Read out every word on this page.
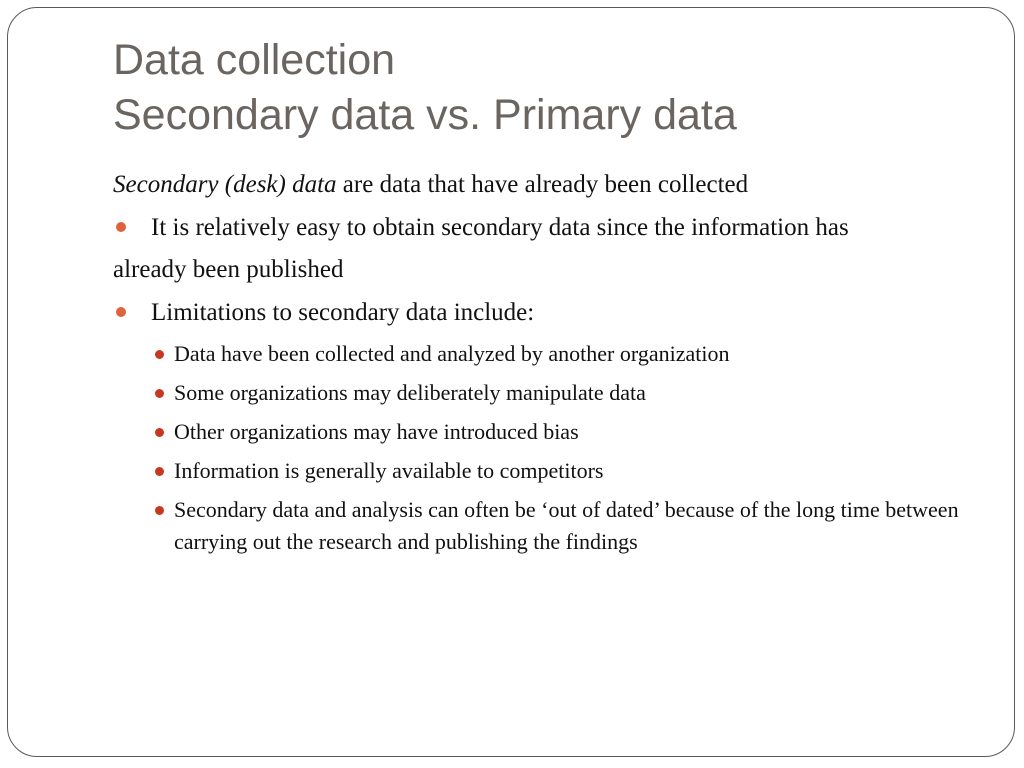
Data collection
Secondary data vs. Primary data

Secondary (desk) data are data that have already been collected

It is relatively easy to obtain secondary data since the information has

already been published

Limitations to secondary data include:
Data have been collected and analyzed by another organization
Some organizations may deliberately manipulate data
Other organizations may have introduced bias
Information is generally available to competitors
Secondary data and analysis can often be ‘out of dated’ because of the long time between carrying out the research and publishing the findings
